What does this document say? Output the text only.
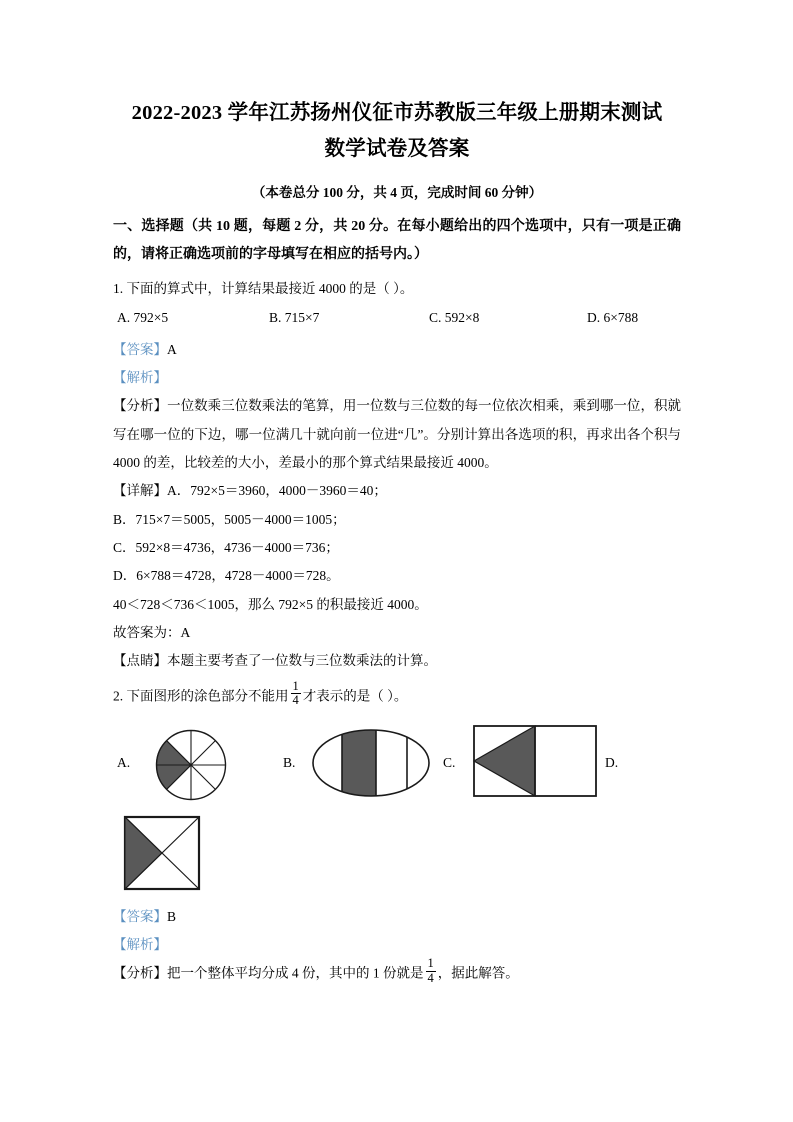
2022-2023 学年江苏扬州仪征市苏教版三年级上册期末测试
数学试卷及答案
（本卷总分 100 分，共 4 页，完成时间 60 分钟）
一、选择题（共 10 题，每题 2 分，共 20 分。在每小题给出的四个选项中，只有一项是正确的，请将正确选项前的字母填写在相应的括号内。）
1. 下面的算式中，计算结果最接近 4000 的是（ ）。
A. 792×5	B. 715×7	C. 592×8	D. 6×788
【答案】A
【解析】
【分析】一位数乘三位数乘法的笔算，用一位数与三位数的每一位依次相乘，乘到哪一位，积就写在哪一位的下边，哪一位满几十就向前一位进“几”。分别计算出各选项的积，再求出各个积与 4000 的差，比较差的大小，差最小的那个算式结果最接近 4000。
【详解】A．792×5＝3960，4000－3960＝40；
B．715×7＝5005，5005－4000＝1005；
C．592×8＝4736，4736－4000＝736；
D．6×788＝4728，4728－4000＝728。
40＜728＜736＜1005，那么 792×5 的积最接近 4000。
故答案为：A
【点睛】本题主要考查了一位数与三位数乘法的计算。
2. 下面图形的涂色部分不能用 $\frac{1}{4}$ 才表示的是（ ）。
A.	B.	C.	D.
【答案】B
【解析】
【分析】把一个整体平均分成 4 份，其中的 1 份就是 $\frac{1}{4}$ ，据此解答。
